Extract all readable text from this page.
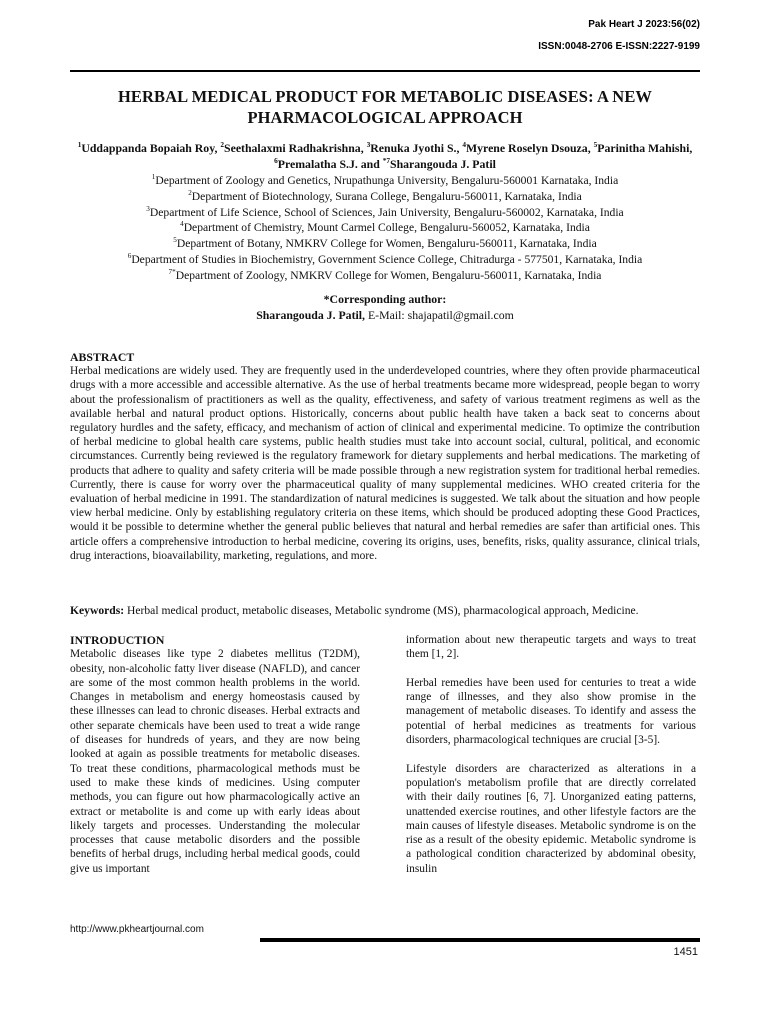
Pak Heart J 2023:56(02)
ISSN:0048-2706 E-ISSN:2227-9199
HERBAL MEDICAL PRODUCT FOR METABOLIC DISEASES: A NEW
PHARMACOLOGICAL APPROACH
$^1$Uddappanda Bopaiah Roy, $^2$Seethalaxmi Radhakrishna, $^3$Renuka Jyothi S., $^4$Myrene Roselyn Dsouza, $^5$Parinitha Mahishi, $^6$Premalatha S.J. and $^{*7}$Sharangouda J. Patil
$^1$Department of Zoology and Genetics, Nrupathunga University, Bengaluru-560001 Karnataka, India
$^2$Department of Biotechnology, Surana College, Bengaluru-560011, Karnataka, India
$^3$Department of Life Science, School of Sciences, Jain University, Bengaluru-560002, Karnataka, India
$^4$Department of Chemistry, Mount Carmel College, Bengaluru-560052, Karnataka, India
$^5$Department of Botany, NMKRV College for Women, Bengaluru-560011, Karnataka, India
$^6$Department of Studies in Biochemistry, Government Science College, Chitradurga - 577501, Karnataka, India
$^{7*}$Department of Zoology, NMKRV College for Women, Bengaluru-560011, Karnataka, India
*Corresponding author:
Sharangouda J. Patil, E-Mail: shajapatil@gmail.com
ABSTRACT
Herbal medications are widely used. They are frequently used in the underdeveloped countries, where they often provide pharmaceutical drugs with a more accessible and accessible alternative. As the use of herbal treatments became more widespread, people began to worry about the professionalism of practitioners as well as the quality, effectiveness, and safety of various treatment regimens as well as the available herbal and natural product options. Historically, concerns about public health have taken a back seat to concerns about regulatory hurdles and the safety, efficacy, and mechanism of action of clinical and experimental medicine. To optimize the contribution of herbal medicine to global health care systems, public health studies must take into account social, cultural, political, and economic circumstances. Currently being reviewed is the regulatory framework for dietary supplements and herbal medications. The marketing of products that adhere to quality and safety criteria will be made possible through a new registration system for traditional herbal remedies. Currently, there is cause for worry over the pharmaceutical quality of many supplemental medicines. WHO created criteria for the evaluation of herbal medicine in 1991. The standardization of natural medicines is suggested. We talk about the situation and how people view herbal medicine. Only by establishing regulatory criteria on these items, which should be produced adopting these Good Practices, would it be possible to determine whether the general public believes that natural and herbal remedies are safer than artificial ones. This article offers a comprehensive introduction to herbal medicine, covering its origins, uses, benefits, risks, quality assurance, clinical trials, drug interactions, bioavailability, marketing, regulations, and more.
Keywords: Herbal medical product, metabolic diseases, Metabolic syndrome (MS), pharmacological approach, Medicine.
INTRODUCTION

Metabolic diseases like type 2 diabetes mellitus (T2DM), obesity, non-alcoholic fatty liver disease (NAFLD), and cancer are some of the most common health problems in the world. Changes in metabolism and energy homeostasis caused by these illnesses can lead to chronic diseases. Herbal extracts and other separate chemicals have been used to treat a wide range of diseases for hundreds of years, and they are now being looked at again as possible treatments for metabolic diseases. To treat these conditions, pharmacological methods must be used to make these kinds of medicines. Using computer methods, you can figure out how pharmacologically active an extract or metabolite is and come up with early ideas about likely targets and processes. Understanding the molecular processes that cause metabolic disorders and the possible benefits of herbal drugs, including herbal medical goods, could give us important

information about new therapeutic targets and ways to treat them [1, 2].

Herbal remedies have been used for centuries to treat a wide range of illnesses, and they also show promise in the management of metabolic diseases. To identify and assess the potential of herbal medicines as treatments for various disorders, pharmacological techniques are crucial [3-5].

Lifestyle disorders are characterized as alterations in a population's metabolism profile that are directly correlated with their daily routines [6, 7]. Unorganized eating patterns, unattended exercise routines, and other lifestyle factors are the main causes of lifestyle diseases. Metabolic syndrome is on the rise as a result of the obesity epidemic. Metabolic syndrome is a pathological condition characterized by abdominal obesity, insulin

http://www.pkheartjournal.com
1451
